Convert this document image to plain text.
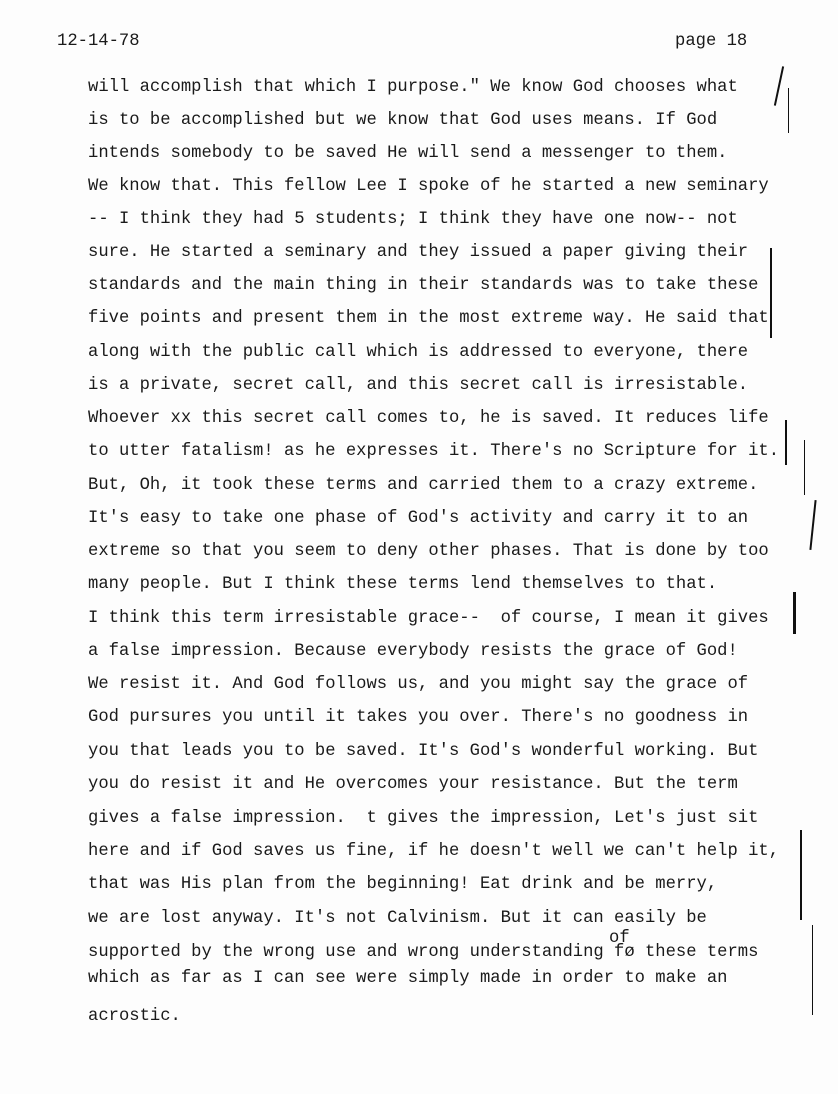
12-14-78	page 18
will accomplish that which I purpose." We know God chooses what
is to be accomplished but we know that God uses means. If God
intends somebody to be saved He will send a messenger to them.
We know that. This fellow Lee I spoke of he started a new seminary
-- I think they had 5 students; I think they have one now-- not
sure. He started a seminary and they issued a paper giving their
standards and the main thing in their standards was to take these
five points and present them in the most extreme way. He said that
along with the public call which is addressed to everyone, there
is a private, secret call, and this secret call is irresistable.
Whoever xx this secret call comes to, he is saved. It reduces life
to utter fatalism! as he expresses it. There's no Scripture for it.
But, Oh, it took these terms and carried them to a crazy extreme.
It's easy to take one phase of God's activity and carry it to an
extreme so that you seem to deny other phases. That is done by too
many people. But I think these terms lend themselves to that.
I think this term irresistable grace--  of course, I mean it gives
a false impression. Because everybody resists the grace of God!
We resist it. And God follows us, and you might say the grace of
God pursures you until it takes you over. There's no goodness in
you that leads you to be saved. It's God's wonderful working. But
you do resist it and He overcomes your resistance. But the term
gives a false impression.  t gives the impression, Let's just sit
here and if God saves us fine, if he doesn't well we can't help it,
that was His plan from the beginning! Eat drink and be merry,
we are lost anyway. It's not Calvinism. But it can easily be
supported by the wrong use and wrong understanding fø these terms
which as far as I can see were simply made in order to make an
acrostic.
of
